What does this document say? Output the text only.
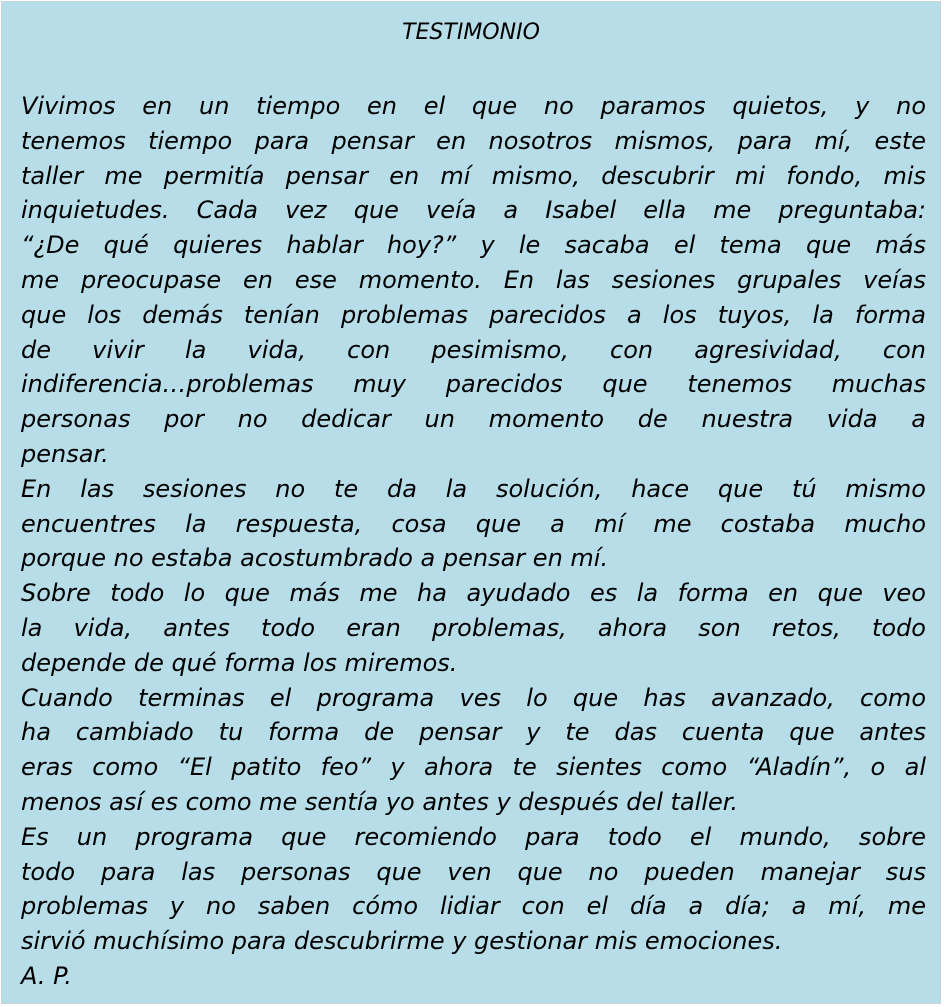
TESTIMONIO
Vivimos en un tiempo en el que no paramos quietos, y no
tenemos tiempo para pensar en nosotros mismos, para mí, este
taller me permitía pensar en mí mismo, descubrir mi fondo, mis
inquietudes. Cada vez que veía a Isabel ella me preguntaba:
“¿De qué quieres hablar hoy?” y le sacaba el tema que más
me preocupase en ese momento. En las sesiones grupales veías
que los demás tenían problemas parecidos a los tuyos, la forma
de vivir la vida, con pesimismo, con agresividad, con
indiferencia…problemas muy parecidos que tenemos muchas
personas por no dedicar un momento de nuestra vida a
pensar.
En las sesiones no te da la solución, hace que tú mismo
encuentres la respuesta, cosa que a mí me costaba mucho
porque no estaba acostumbrado a pensar en mí.
Sobre todo lo que más me ha ayudado es la forma en que veo
la vida, antes todo eran problemas, ahora son retos, todo
depende de qué forma los miremos.
Cuando terminas el programa ves lo que has avanzado, como
ha cambiado tu forma de pensar y te das cuenta que antes
eras como “El patito feo” y ahora te sientes como “Aladín”, o al
menos así es como me sentía yo antes y después del taller.
Es un programa que recomiendo para todo el mundo, sobre
todo para las personas que ven que no pueden manejar sus
problemas y no saben cómo lidiar con el día a día; a mí, me
sirvió muchísimo para descubrirme y gestionar mis emociones.
A. P.
